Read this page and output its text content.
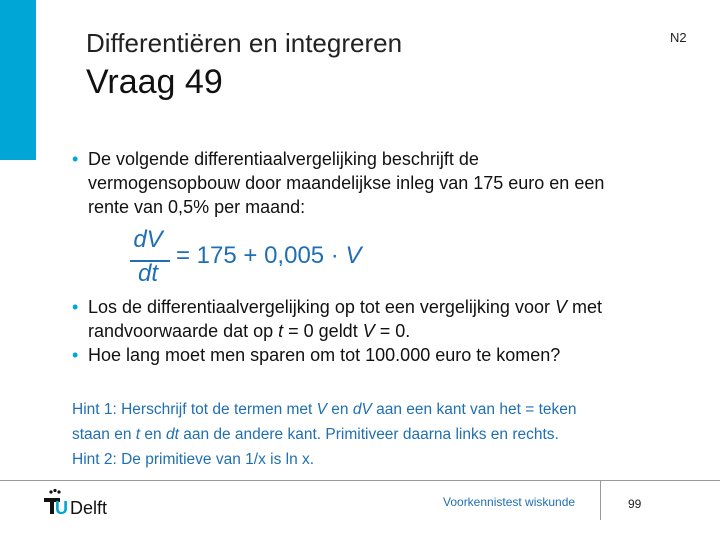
Differentiëren en integreren	N2
Vraag 49
• De volgende differentiaalvergelijking beschrijft de
vermogensopbouw door maandelijkse inleg van 175 euro en een
rente van 0,5% per maand:
dV
dt
= 175 + 0,005 · V
• Los de differentiaalvergelijking op tot een vergelijking voor V met
randvoorwaarde dat op t = 0 geldt V = 0.
• Hoe lang moet men sparen om tot 100.000 euro te komen?
Hint 1: Herschrijf tot de termen met V en dV aan een kant van het = teken
staan en t en dt aan de andere kant. Primitiveer daarna links en rechts.
Hint 2: De primitieve van 1/x is ln x.
U Delft	Voorkennistest wiskunde	99
